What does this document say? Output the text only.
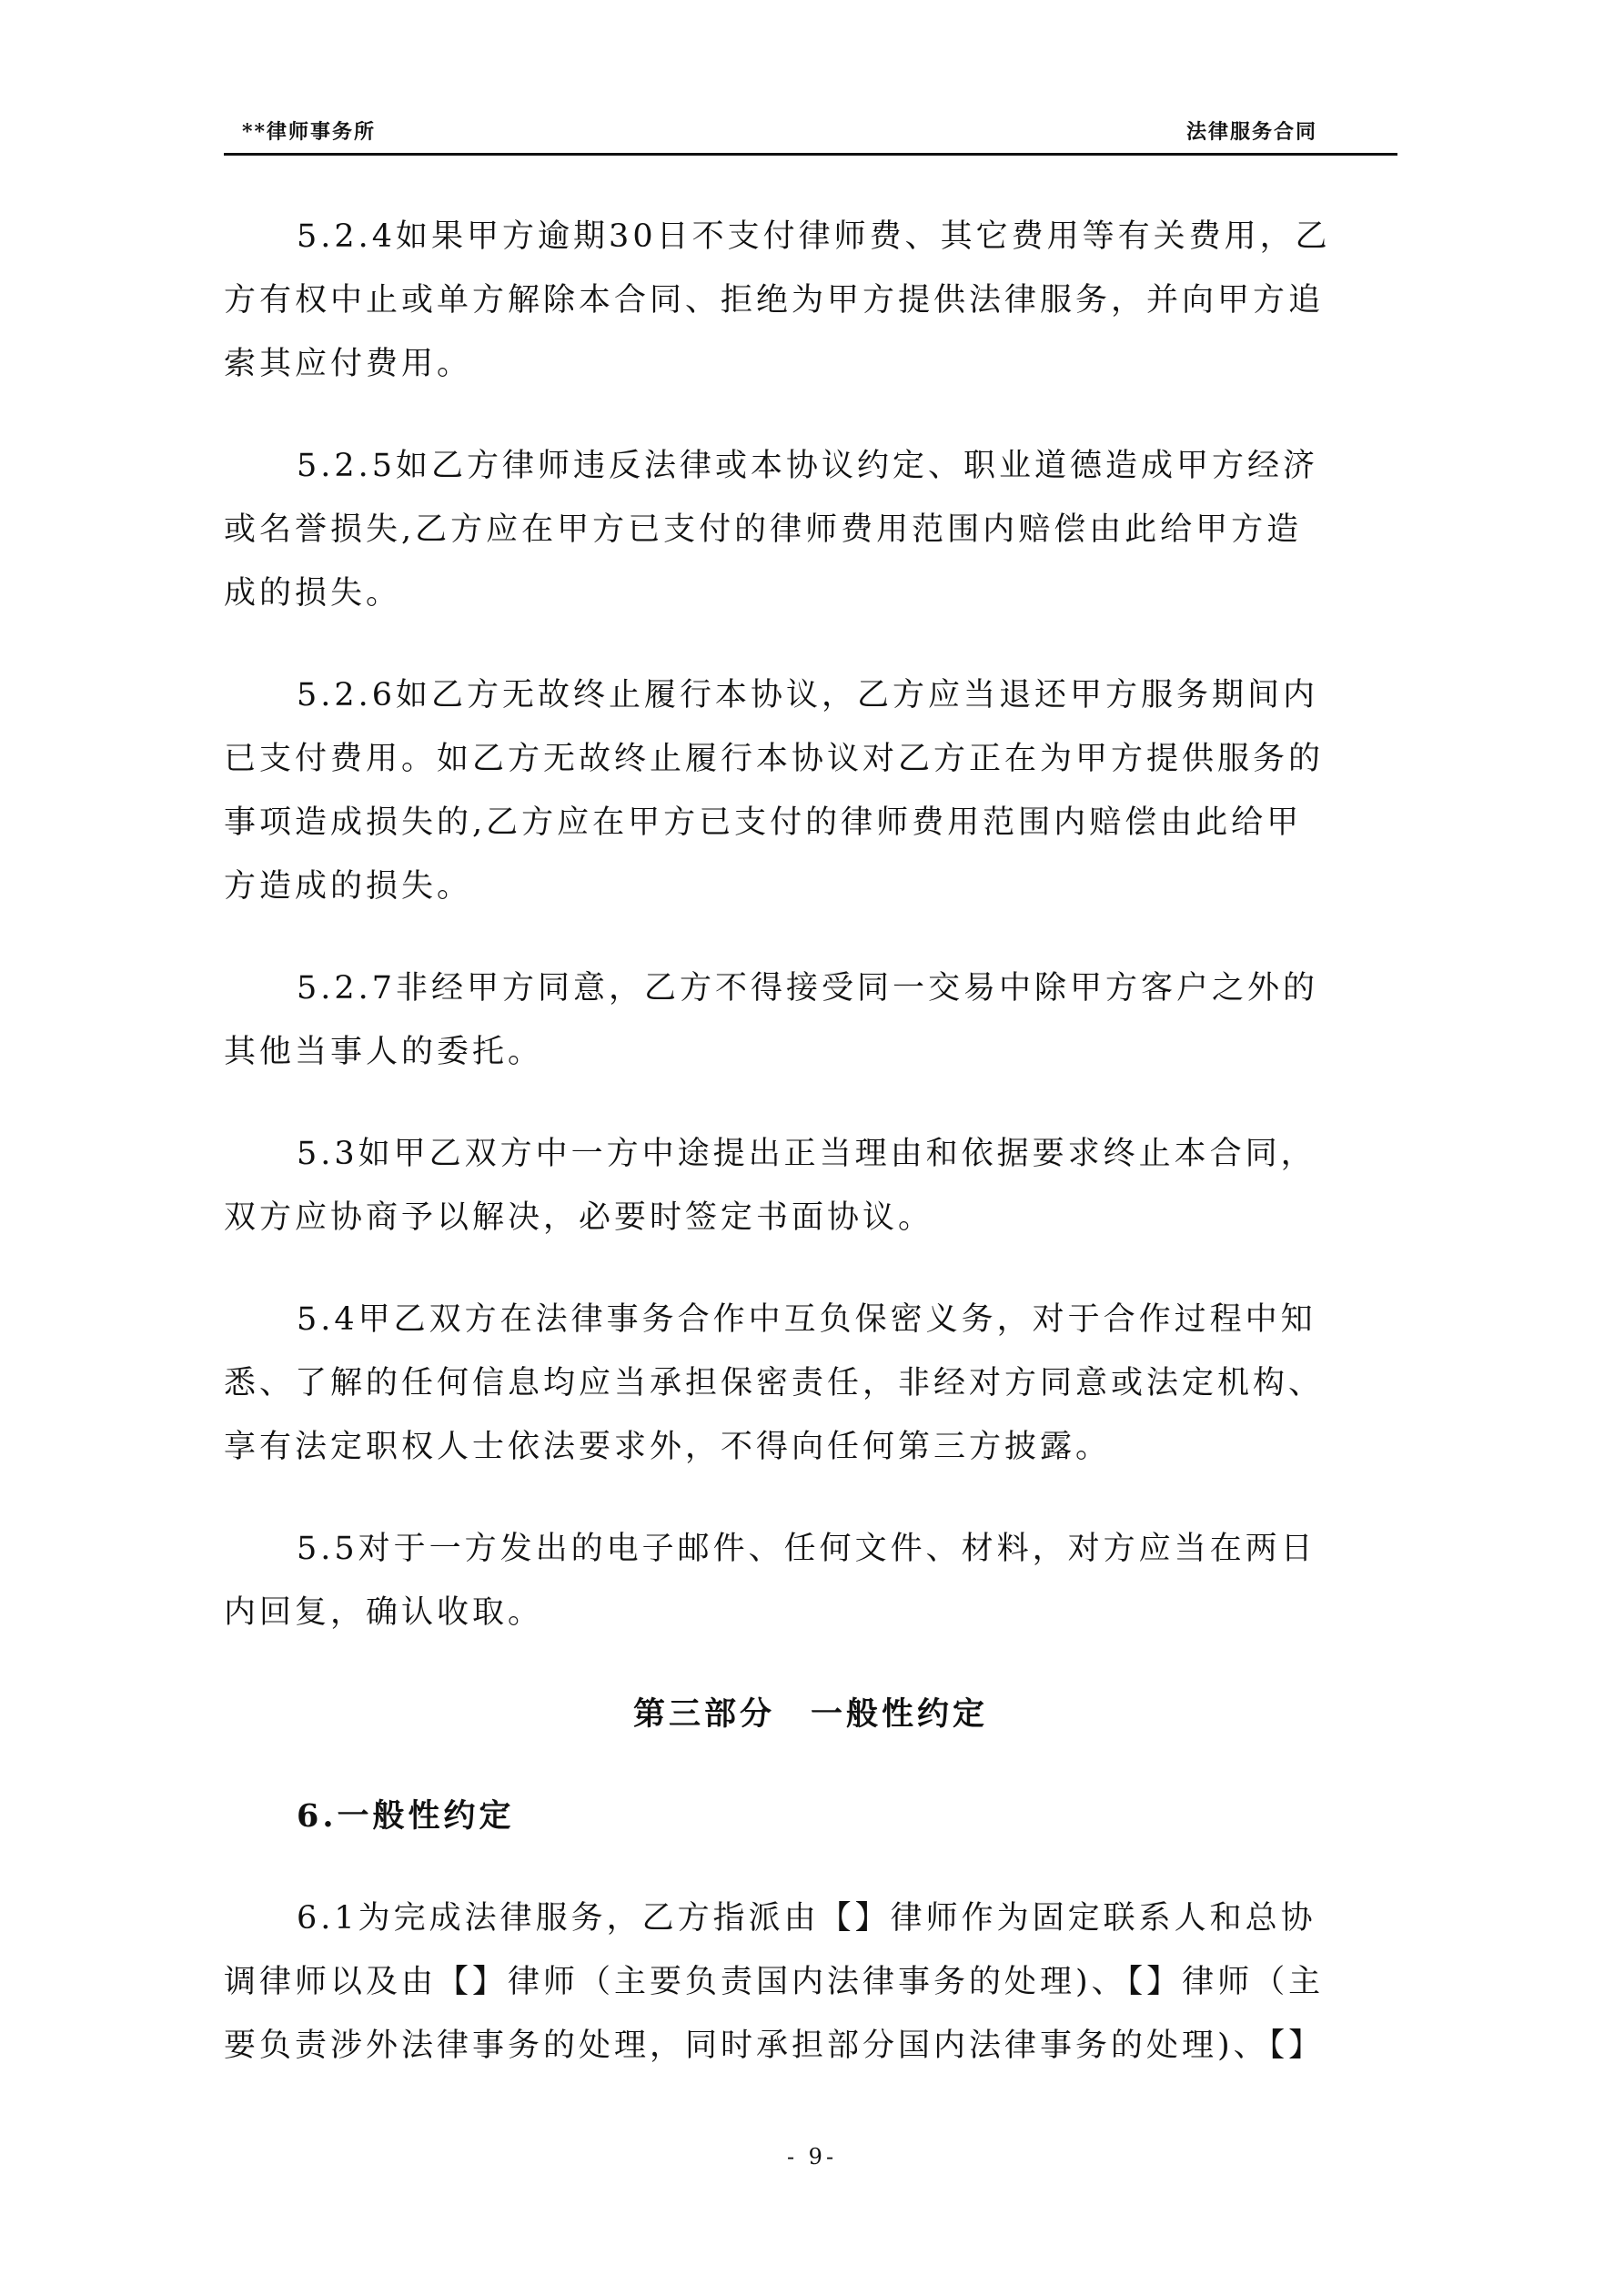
**律师事务所	法律服务合同

5.2.4如果甲方逾期30日不支付律师费、其它费用等有关费用，乙
方有权中止或单方解除本合同、拒绝为甲方提供法律服务，并向甲方追
索其应付费用。

5.2.5如乙方律师违反法律或本协议约定、职业道德造成甲方经济
或名誉损失,乙方应在甲方已支付的律师费用范围内赔偿由此给甲方造
成的损失。

5.2.6如乙方无故终止履行本协议，乙方应当退还甲方服务期间内
已支付费用。如乙方无故终止履行本协议对乙方正在为甲方提供服务的
事项造成损失的,乙方应在甲方已支付的律师费用范围内赔偿由此给甲
方造成的损失。

5.2.7非经甲方同意，乙方不得接受同一交易中除甲方客户之外的
其他当事人的委托。

5.3如甲乙双方中一方中途提出正当理由和依据要求终止本合同，
双方应协商予以解决，必要时签定书面协议。

5.4甲乙双方在法律事务合作中互负保密义务，对于合作过程中知
悉、了解的任何信息均应当承担保密责任，非经对方同意或法定机构、
享有法定职权人士依法要求外，不得向任何第三方披露。

5.5对于一方发出的电子邮件、任何文件、材料，对方应当在两日
内回复，确认收取。

第三部分　一般性约定
6.一般性约定

6.1为完成法律服务，乙方指派由【】律师作为固定联系人和总协
调律师以及由【】律师（主要负责国内法律事务的处理)、【】律师（主
要负责涉外法律事务的处理，同时承担部分国内法律事务的处理)、【】

- 9-
